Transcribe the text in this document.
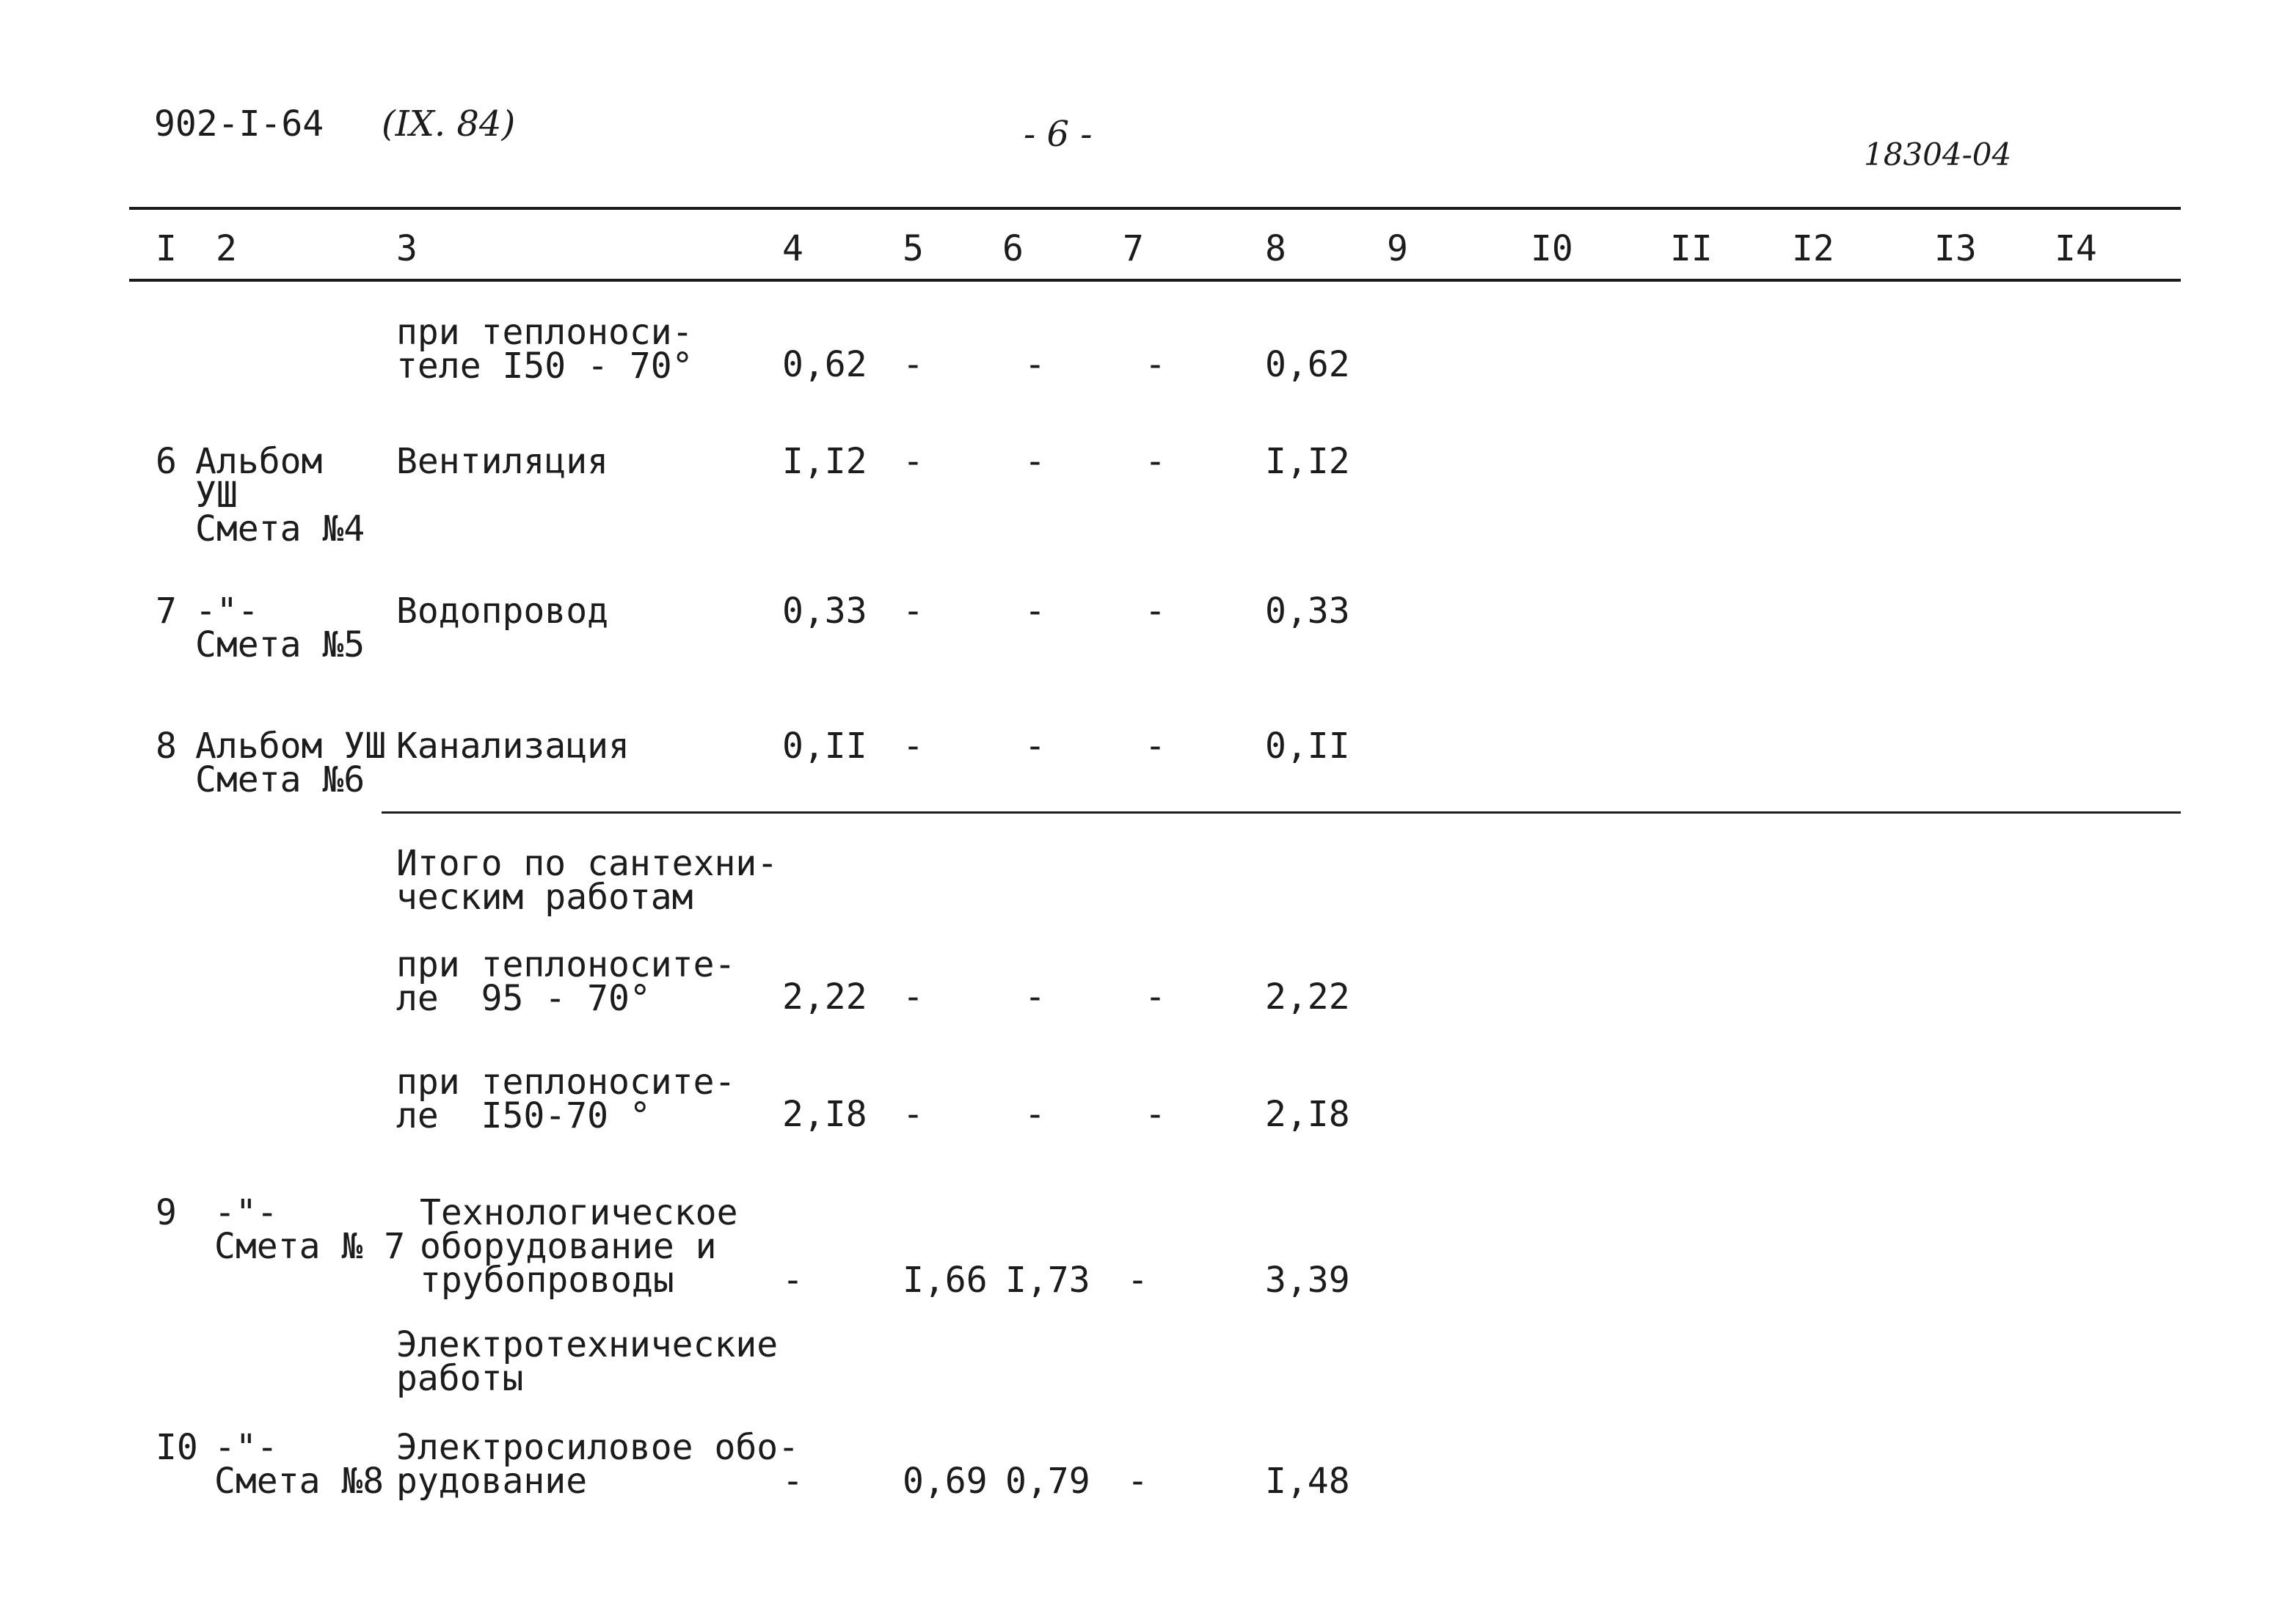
902-I-64 (IX. 84)	- 6 -	18304-04
I 2	3	4	5 6	7	8	9	I0	II I2	I3 I4
при теплоноси-
теле I50 - 70°	0,62 -	-	-	0,62
6 Альбом
УШ
Смета №4
Вентиляция	I,I2 -	-	-	I,I2
7 -"-
Смета №5
Водопровод	0,33 -	-	-	0,33
8 Альбом УШ
Смета №6
Канализация	0,II -	-	-	0,II
Итого по сантехни-
ческим работам
при теплоносите-
ле  95 - 70°	2,22 -	-	-	2,22
при теплоносите-
ле  I50-70 °	2,I8 -	-	-	2,I8
9 -"-
Смета № 7
Технологическое
оборудование и
трубопроводы	-	I,66 I,73 -	3,39
Электротехнические
работы
I0 -"-
Смета №8
Электросиловое обо-
рудование	-	0,69 0,79 -	I,48
